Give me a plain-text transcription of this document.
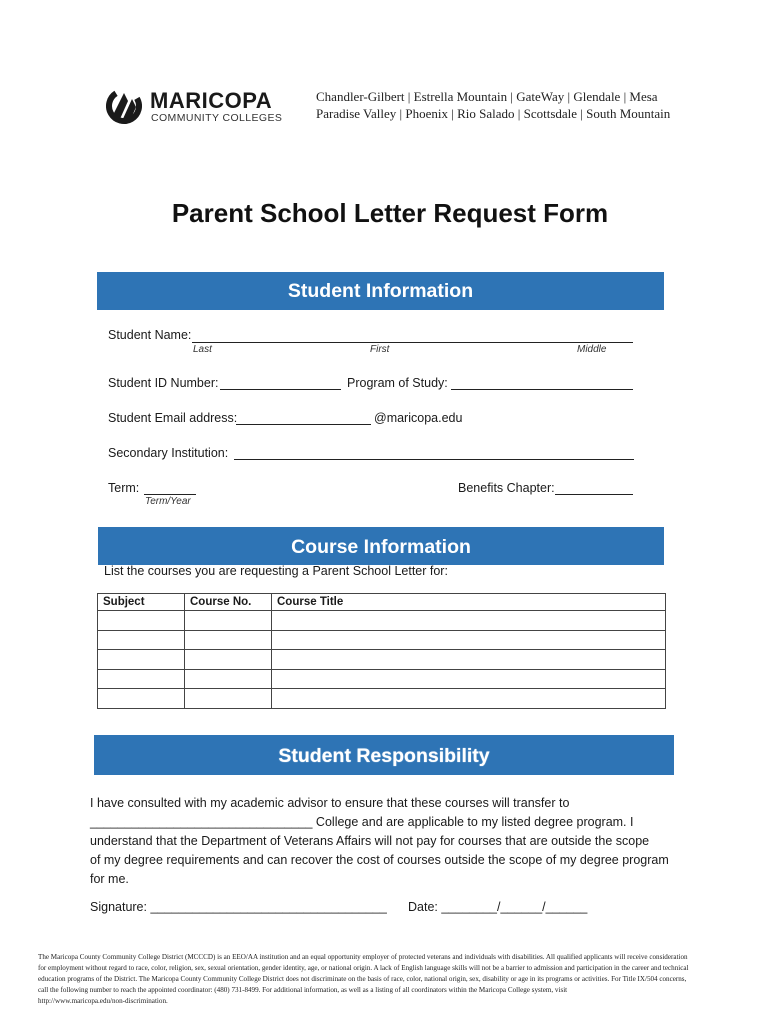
MARICOPA
COMMUNITY COLLEGES
Chandler-Gilbert | Estrella Mountain | GateWay | Glendale | Mesa
Paradise Valley | Phoenix | Rio Salado | Scottsdale | South Mountain
Parent School Letter Request Form
Student Information
Student Name:
Last	First	Middle
Student ID Number:	Program of Study:
Student Email address:	@maricopa.edu
Secondary Institution:
Term:
Term/Year
Benefits Chapter:
Course Information
List the courses you are requesting a Parent School Letter for:
Subject	Course No.	Course Title

Student Responsibility
I have consulted with my academic advisor to ensure that these courses will transfer to
________________________________ College and are applicable to my listed degree program. I
understand that the Department of Veterans Affairs will not pay for courses that are outside the scope
of my degree requirements and can recover the cost of courses outside the scope of my degree program
for me.
Signature: __________________________________ Date: ________/______/______
The Maricopa County Community College District (MCCCD) is an EEO/AA institution and an equal opportunity employer of protected veterans and individuals with disabilities. All qualified applicants will receive consideration
for employment without regard to race, color, religion, sex, sexual orientation, gender identity, age, or national origin. A lack of English language skills will not be a barrier to admission and participation in the career and technical
education programs of the District. The Maricopa County Community College District does not discriminate on the basis of race, color, national origin, sex, disability or age in its programs or activities. For Title IX/504 concerns,
call the following number to reach the appointed coordinator: (480) 731-8499. For additional information, as well as a listing of all coordinators within the Maricopa College system, visit
http://www.maricopa.edu/non-discrimination.
